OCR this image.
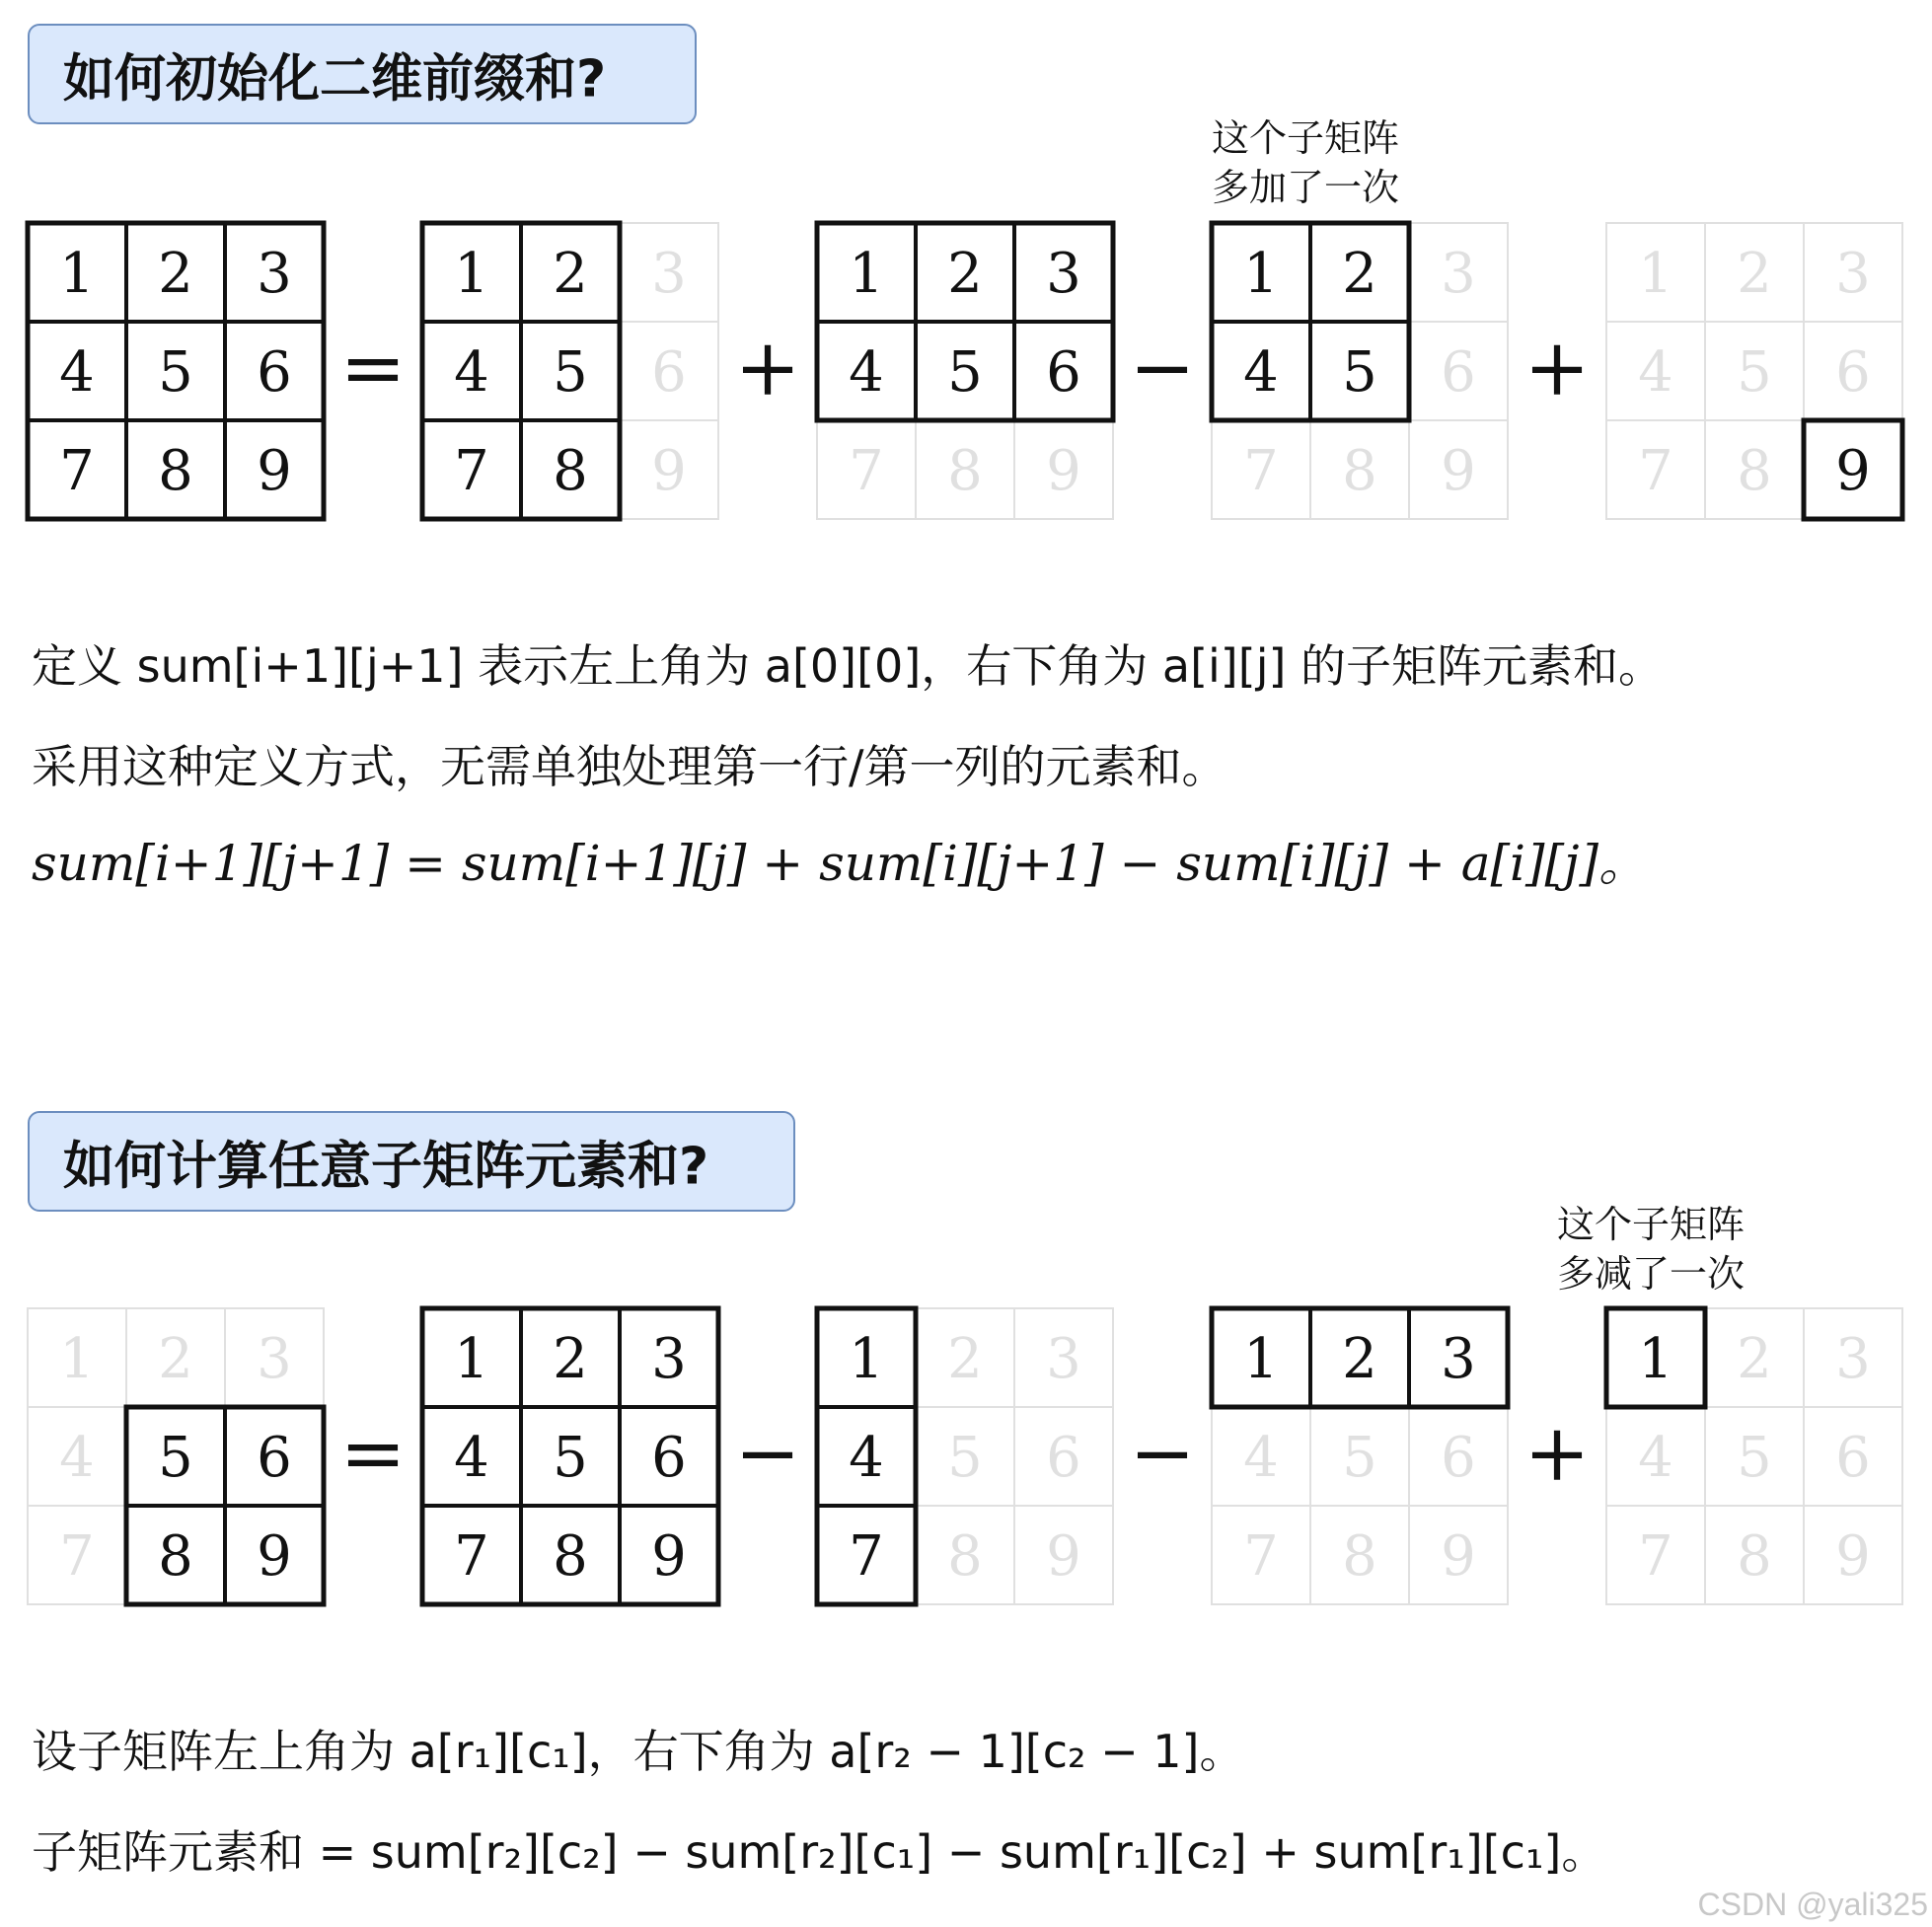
如何初始化二维前缀和?
这个子矩阵
多加了一次
1 2 3
4 5 6
7 8 9
1 2 3
4 5 6
7 8 9
1 2 3
4 5 6
7 8 9
1 2 3
4 5 6
7 8 9
1 2 3
4 5 6
7 8 9
=	+	−	+
定义 sum[i+1][j+1] 表示左上角为 a[0][0]，右下角为 a[i][j] 的子矩阵元素和。
采用这种定义方式，无需单独处理第一行/第一列的元素和。
sum[i+1][j+1] = sum[i+1][j] + sum[i][j+1] − sum[i][j] + a[i][j]。
如何计算任意子矩阵元素和?
这个子矩阵
多减了一次
1 2 3
4 5 6
7 8 9
1 2 3
4 5 6
7 8 9
1 2 3
4 5 6
7 8 9
1 2 3
4 5 6
7 8 9
1 2 3
4 5 6
7 8 9
=	−	−	+
设子矩阵左上角为 a[r₁][c₁]，右下角为 a[r₂ − 1][c₂ − 1]。
子矩阵元素和 = sum[r₂][c₂] − sum[r₂][c₁] − sum[r₁][c₂] + sum[r₁][c₁]。
CSDN @yali325
